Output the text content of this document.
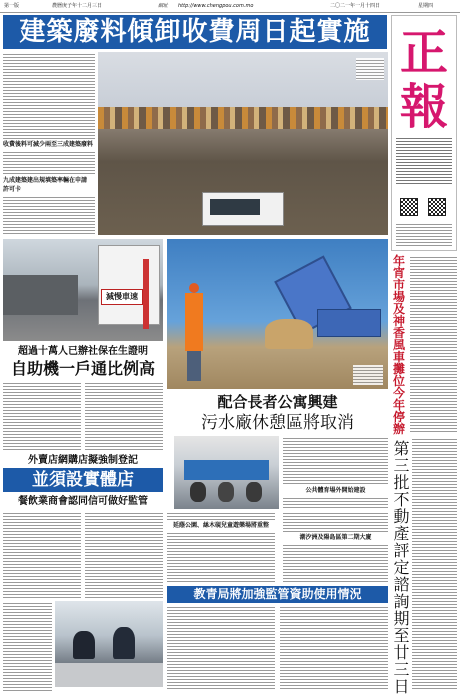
第一版	農曆庚子年十二月三日	網址 http://www.chengpou.com.mo	二〇二一年一月十四日	星期四
建築廢料傾卸收費周日起實施 正報
收費後料可減少兩至三成建築廢料
九成建築建出規填築率輛在申請
許可卡
減慢車速
超過十萬人已辦社保在生證明
自助機一戶通比例高
外賣店網購店擬強制登記
並須設實體店
餐飲業商會認同信可做好監管
配合長者公寓興建
污水廠休憩區將取消
公共體育場外開始建設
延蔭公園、絲木硯兒童遊樂場將重整
潮汐洲及陽島區第二期大廈
教青局將加強監管資助使用情況
年宵市場及神香風車攤位今年停辦
第三批不動產評定諮詢期至廿三日
